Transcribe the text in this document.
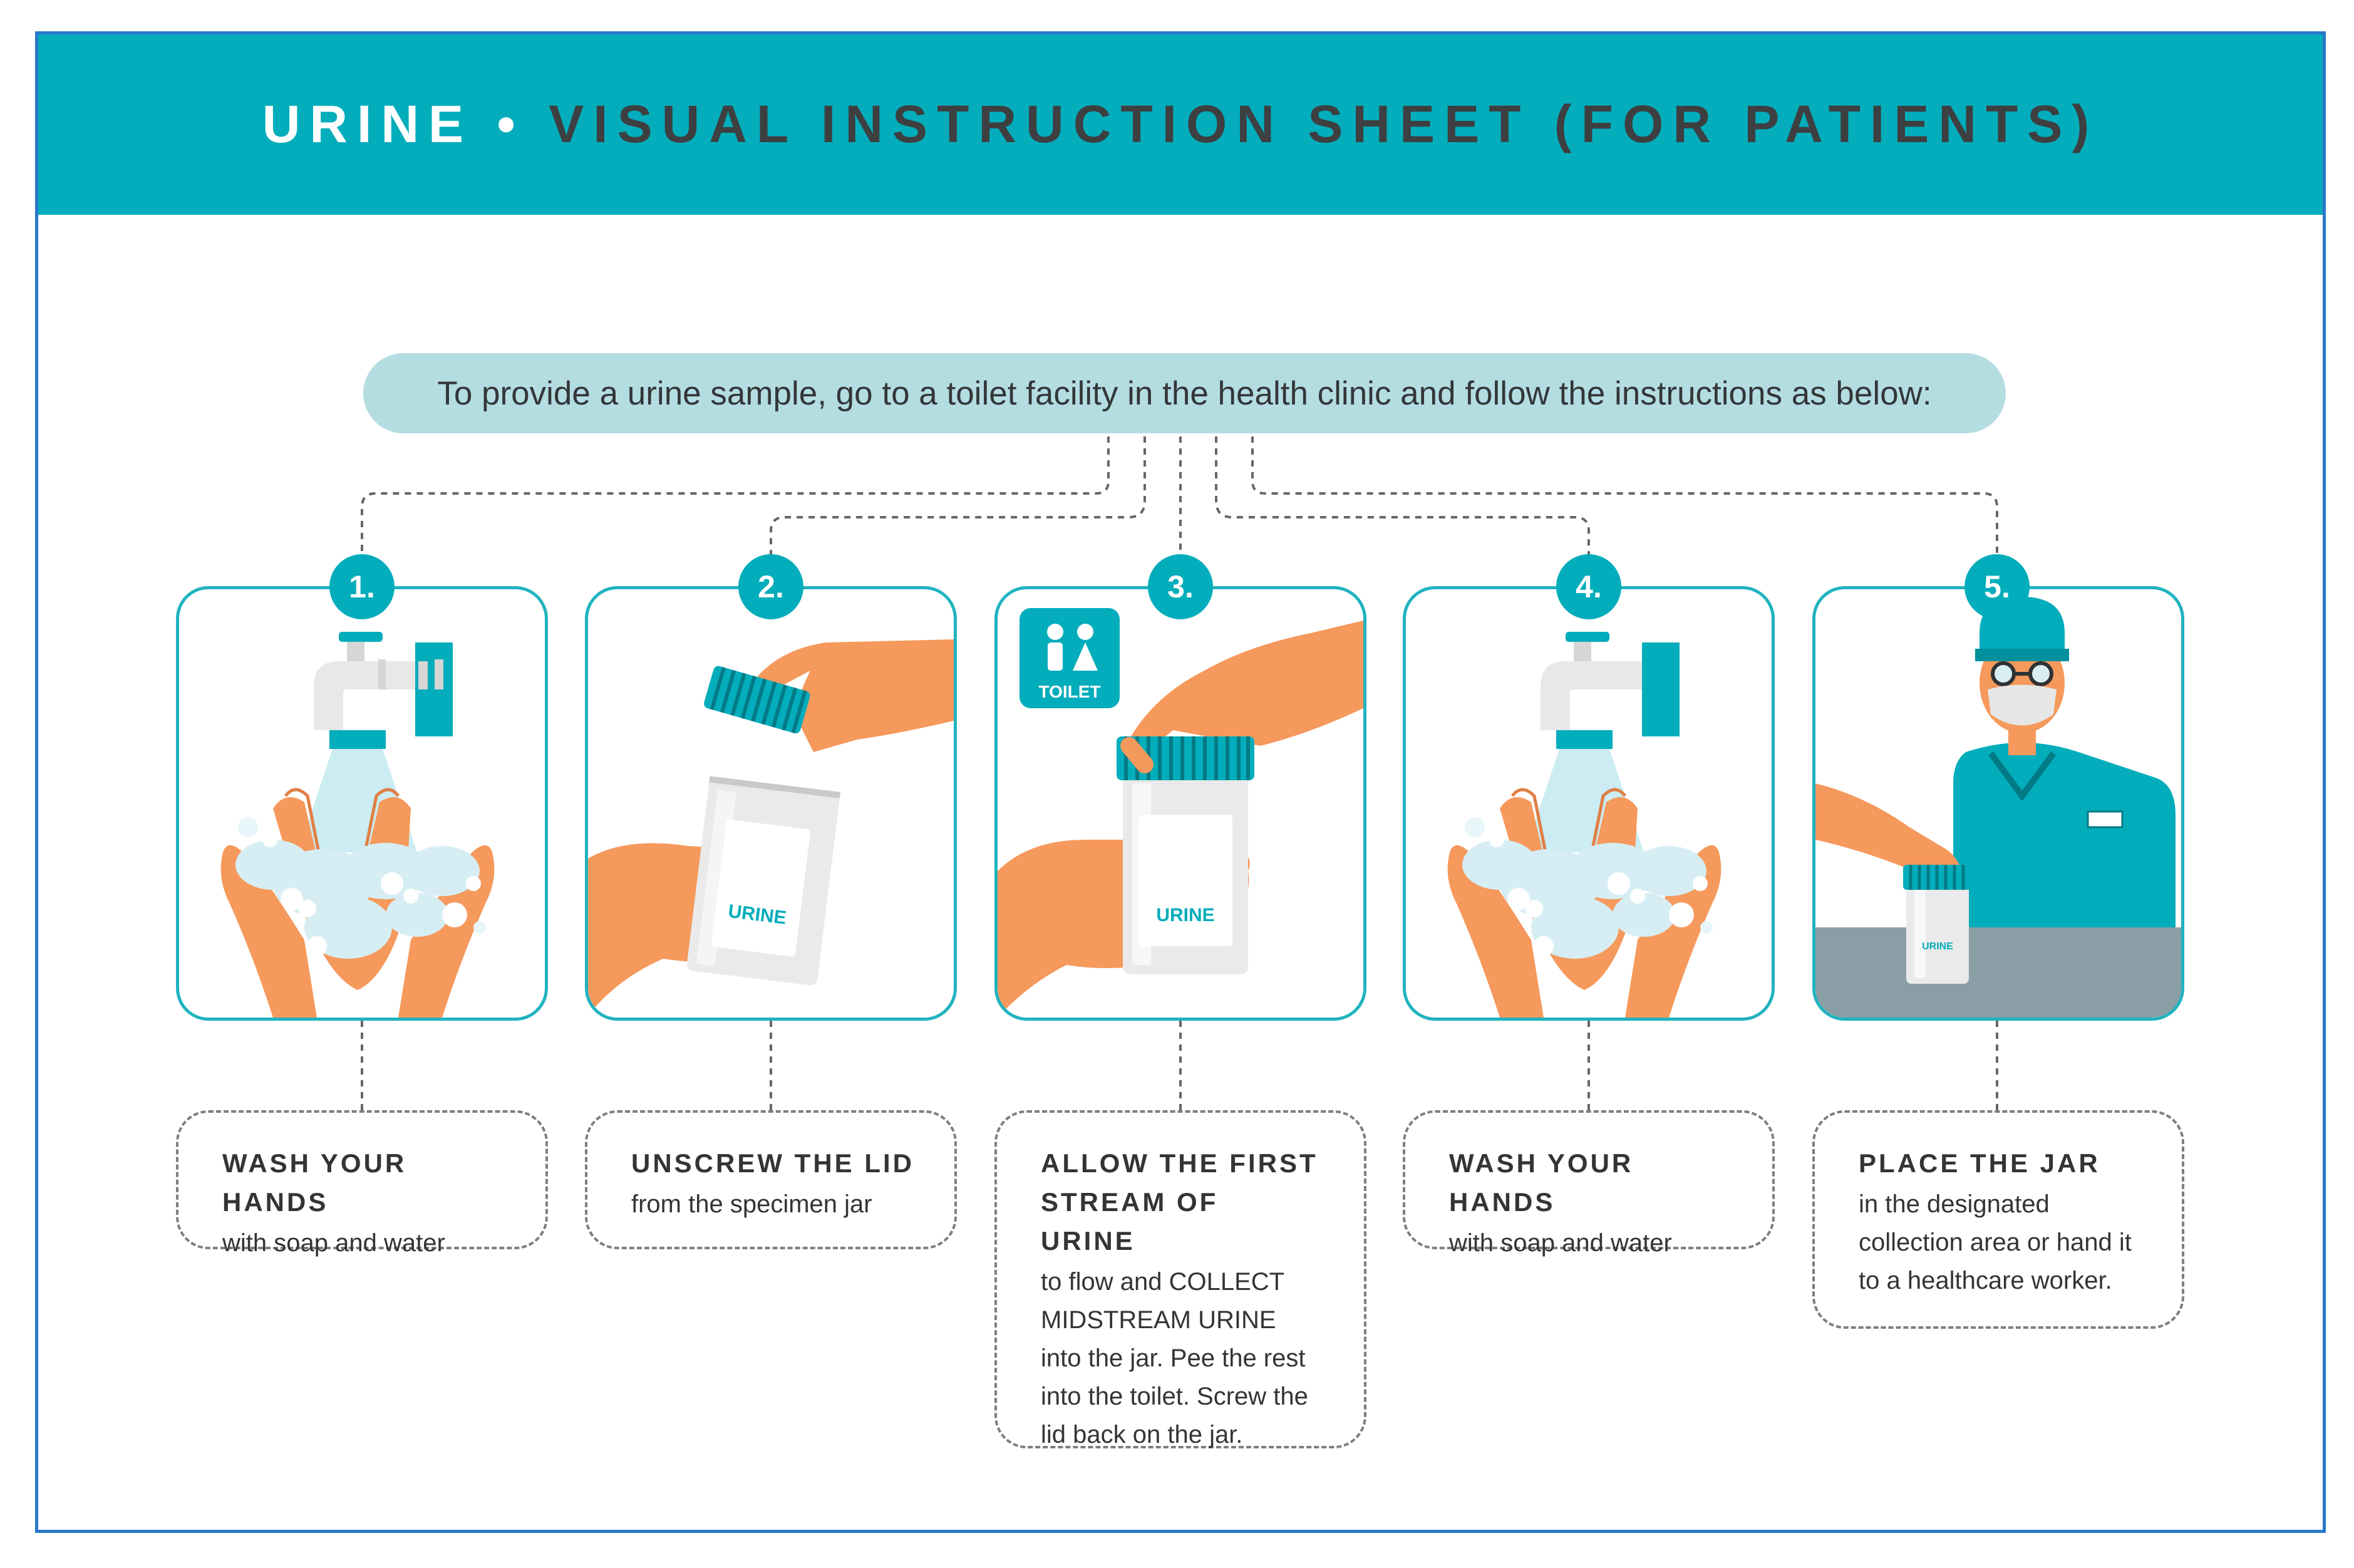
URINE • VISUAL INSTRUCTION SHEET (FOR PATIENTS)
To provide a urine sample, go to a toilet facility in the health clinic and follow the instructions as below:
URINE
TOILET
URINE
URINE
1.	2.	3.	4.	5.
WASH YOUR HANDS
with soap and water
UNSCREW THE LID
from the specimen jar
ALLOW THE FIRST STREAM OF URINE
to flow and COLLECT MIDSTREAM URINE into the jar. Pee the rest into the toilet. Screw the lid back on the jar.
WASH YOUR HANDS
with soap and water
PLACE THE JAR
in the designated collection area or hand it to a healthcare worker.
